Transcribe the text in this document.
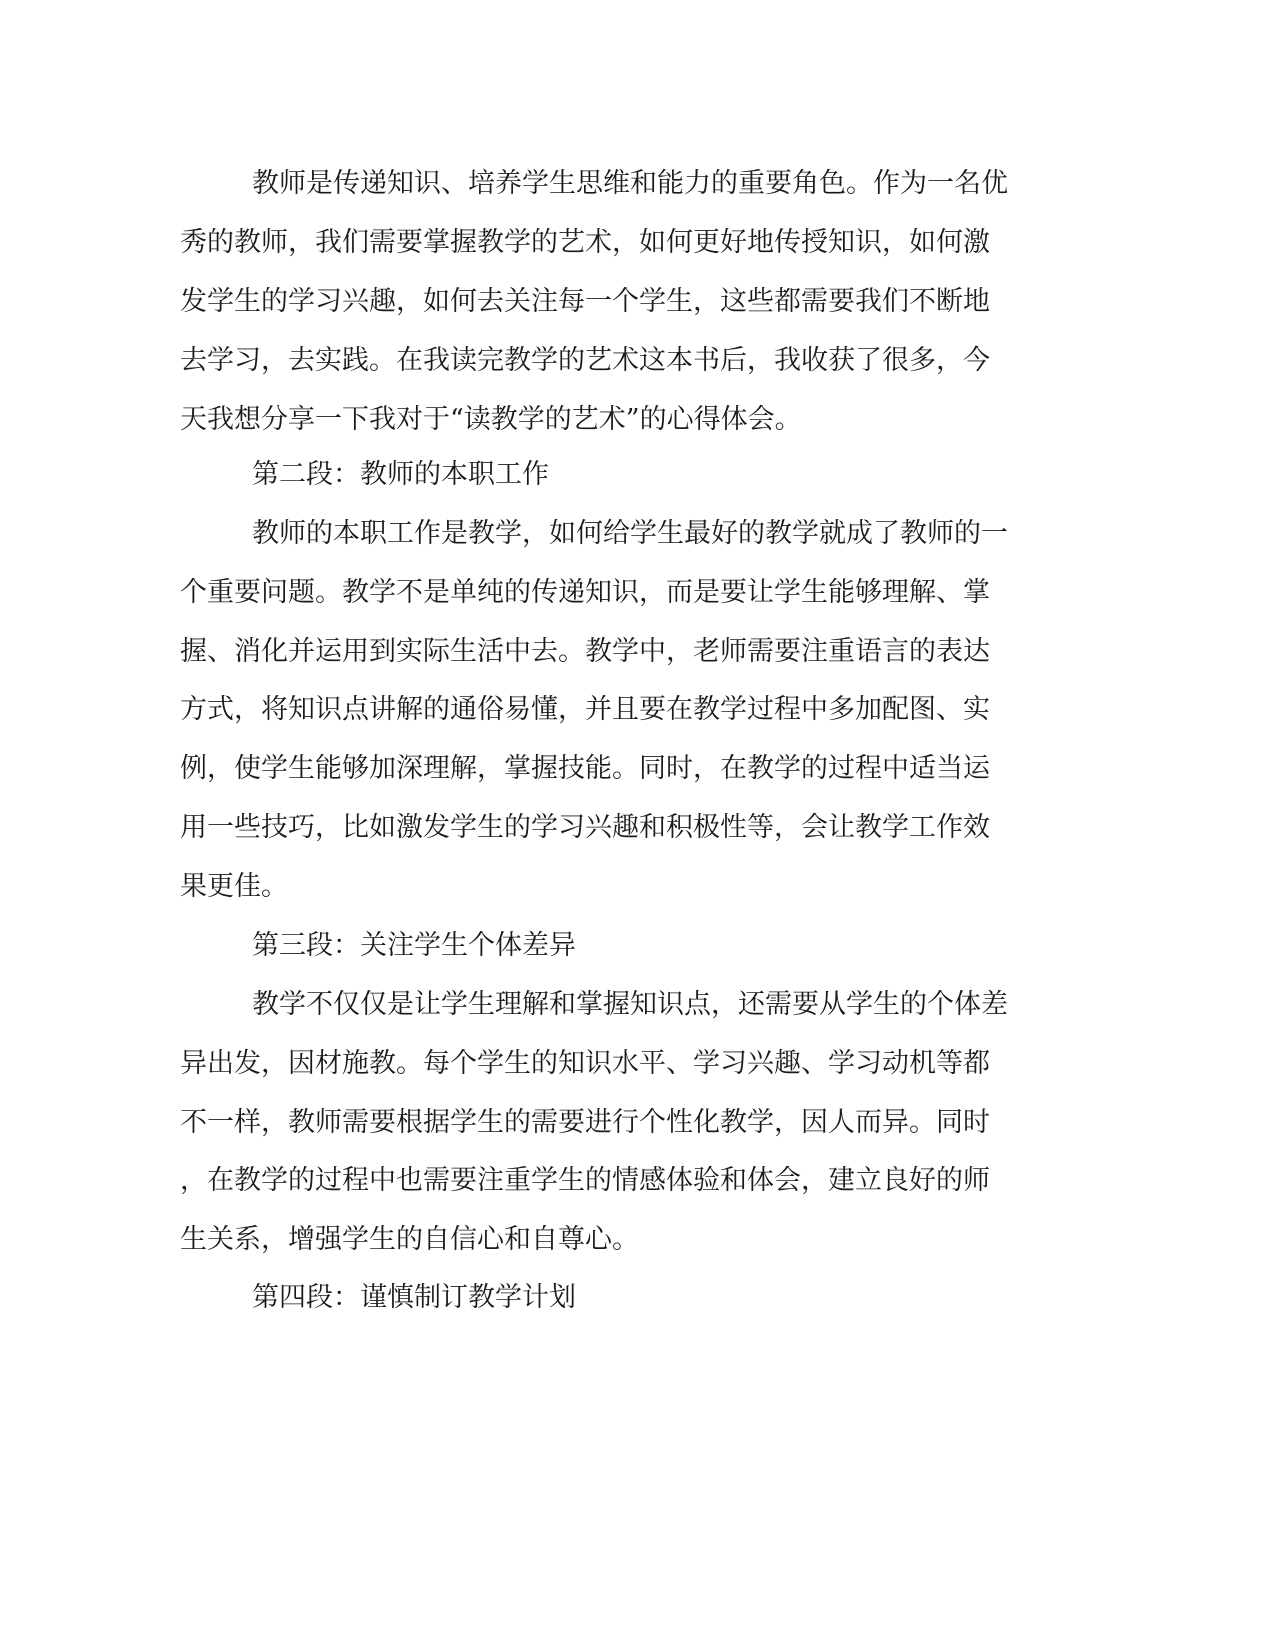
教师是传递知识、培养学生思维和能力的重要角色。作为一名优

秀的教师，我们需要掌握教学的艺术，如何更好地传授知识，如何激

发学生的学习兴趣，如何去关注每一个学生，这些都需要我们不断地

去学习，去实践。在我读完教学的艺术这本书后，我收获了很多，今

天我想分享一下我对于“读教学的艺术”的心得体会。

第二段：教师的本职工作

教师的本职工作是教学，如何给学生最好的教学就成了教师的一

个重要问题。教学不是单纯的传递知识，而是要让学生能够理解、掌

握、消化并运用到实际生活中去。教学中，老师需要注重语言的表达

方式，将知识点讲解的通俗易懂，并且要在教学过程中多加配图、实

例，使学生能够加深理解，掌握技能。同时，在教学的过程中适当运

用一些技巧，比如激发学生的学习兴趣和积极性等，会让教学工作效

果更佳。

第三段：关注学生个体差异

教学不仅仅是让学生理解和掌握知识点，还需要从学生的个体差

异出发，因材施教。每个学生的知识水平、学习兴趣、学习动机等都

不一样，教师需要根据学生的需要进行个性化教学，因人而异。同时

，在教学的过程中也需要注重学生的情感体验和体会，建立良好的师

生关系，增强学生的自信心和自尊心。

第四段：谨慎制订教学计划
